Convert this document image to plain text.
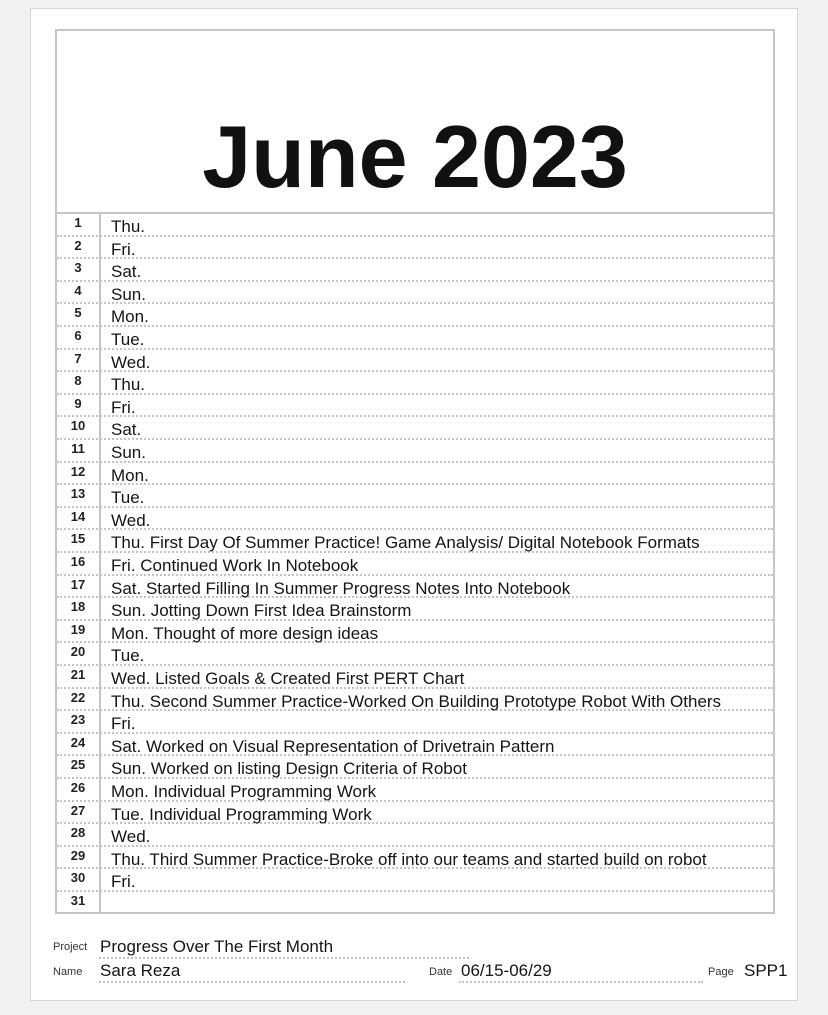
June 2023
1	Thu.
2	Fri.
3	Sat.
4	Sun.
5	Mon.
6	Tue.
7	Wed.
8	Thu.
9	Fri.
10	Sat.
11	Sun.
12	Mon.
13	Tue.
14	Wed.
15	Thu. First Day Of Summer Practice! Game Analysis/ Digital Notebook Formats
16	Fri. Continued Work In Notebook
17	Sat. Started Filling In Summer Progress Notes Into Notebook
18	Sun. Jotting Down First Idea Brainstorm
19	Mon. Thought of more design ideas
20	Tue.
21	Wed. Listed Goals & Created First PERT Chart
22	Thu. Second Summer Practice-Worked On Building Prototype Robot With Others
23	Fri.
24	Sat. Worked on Visual Representation of Drivetrain Pattern
25	Sun. Worked on listing Design Criteria of Robot
26	Mon. Individual Programming Work
27	Tue. Individual Programming Work
28	Wed.
29	Thu. Third Summer Practice-Broke off into our teams and started build on robot
30	Fri.
31
Project Progress Over The First Month
Name Sara Reza	Date 06/15-06/29	Page SPP1
